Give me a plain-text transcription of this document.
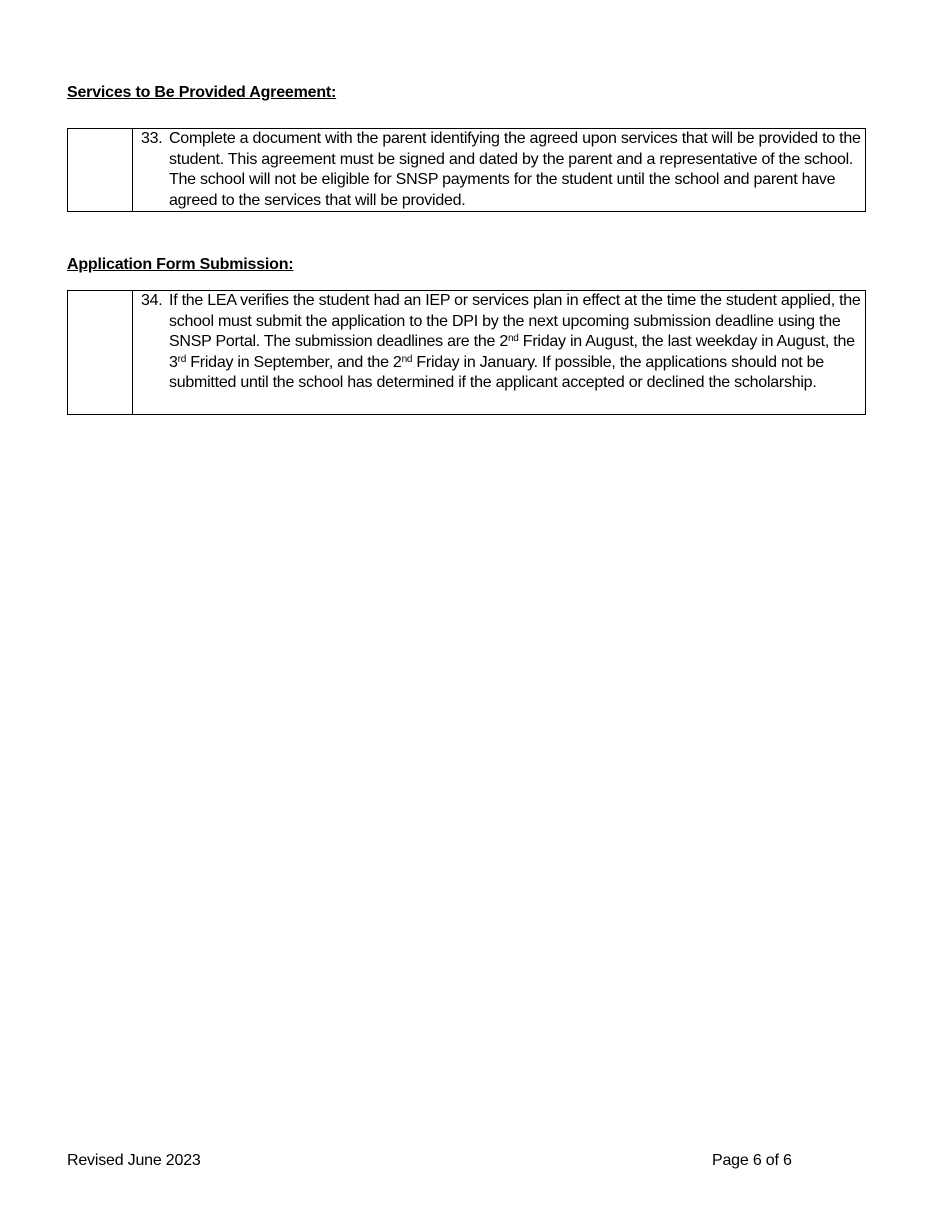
Services to Be Provided Agreement:
33. Complete a document with the parent identifying the agreed upon services that will be provided to the student. This agreement must be signed and dated by the parent and a representative of the school. The school will not be eligible for SNSP payments for the student until the school and parent have agreed to the services that will be provided.
Application Form Submission:
34. If the LEA verifies the student had an IEP or services plan in effect at the time the student applied, the school must submit the application to the DPI by the next upcoming submission deadline using the SNSP Portal. The submission deadlines are the 2nd Friday in August, the last weekday in August, the 3rd Friday in September, and the 2nd Friday in January. If possible, the applications should not be submitted until the school has determined if the applicant accepted or declined the scholarship.
Revised June 2023	Page 6 of 6
